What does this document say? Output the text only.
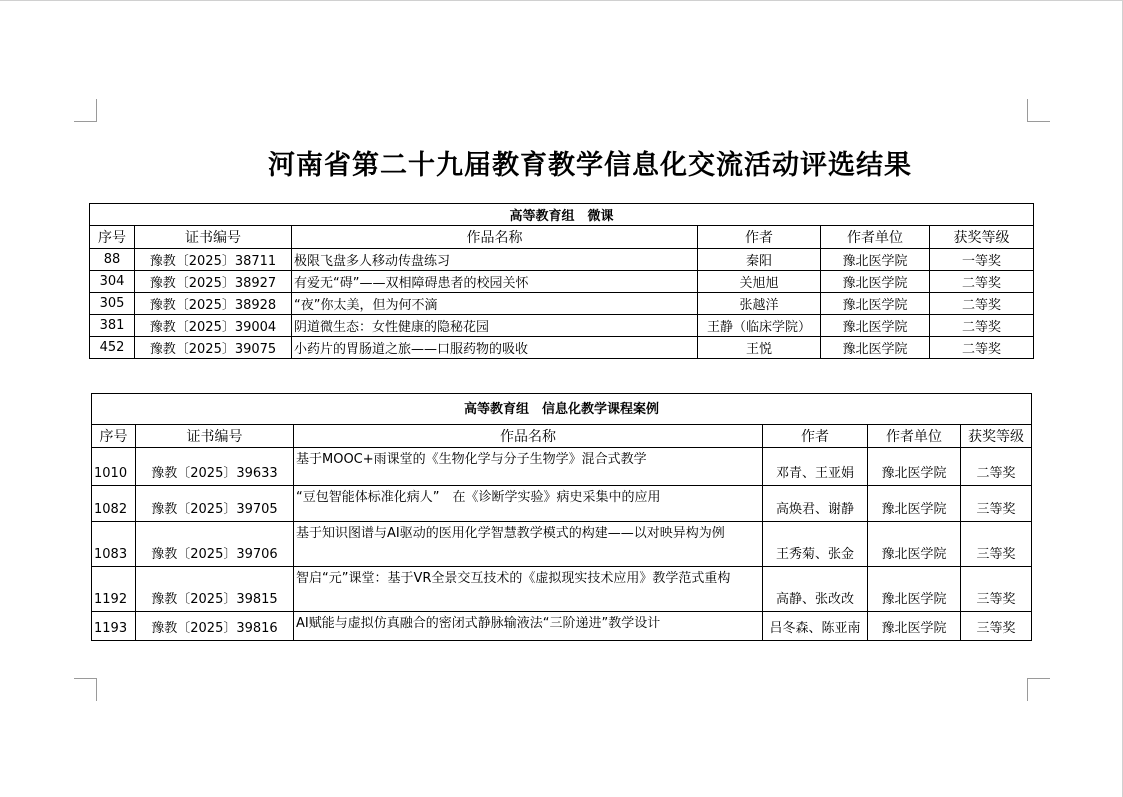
河南省第二十九届教育教学信息化交流活动评选结果
高等教育组　微课					
序号	证书编号	作品名称	作者	作者单位	获奖等级
88	豫教〔2025〕38711	极限飞盘多人移动传盘练习	秦阳	豫北医学院	一等奖
304	豫教〔2025〕38927	有爱无“碍”——双相障碍患者的校园关怀	关旭旭	豫北医学院	二等奖
305	豫教〔2025〕38928	“夜”你太美，但为何不滴	张越洋	豫北医学院	二等奖
381	豫教〔2025〕39004	阴道微生态：女性健康的隐秘花园	王静（临床学院）	豫北医学院	二等奖
452	豫教〔2025〕39075	小药片的胃肠道之旅——口服药物的吸收	王悦	豫北医学院	二等奖
高等教育组　信息化教学课程案例					
序号	证书编号	作品名称	作者	作者单位	获奖等级
1010	豫教〔2025〕39633	基于MOOC+雨课堂的《生物化学与分子生物学》混合式教学	邓青、王亚娟	豫北医学院	二等奖
1082	豫教〔2025〕39705	“豆包智能体标准化病人”　在《诊断学实验》病史采集中的应用	高焕君、谢静	豫北医学院	三等奖
1083	豫教〔2025〕39706	基于知识图谱与AI驱动的医用化学智慧教学模式的构建——以对映异构为例	王秀菊、张金	豫北医学院	三等奖
1192	豫教〔2025〕39815	智启“元”课堂：基于VR全景交互技术的《虚拟现实技术应用》教学范式重构	高静、张改改	豫北医学院	三等奖
1193	豫教〔2025〕39816	AI赋能与虚拟仿真融合的密闭式静脉输液法“三阶递进”教学设计	吕冬森、陈亚南	豫北医学院	三等奖
